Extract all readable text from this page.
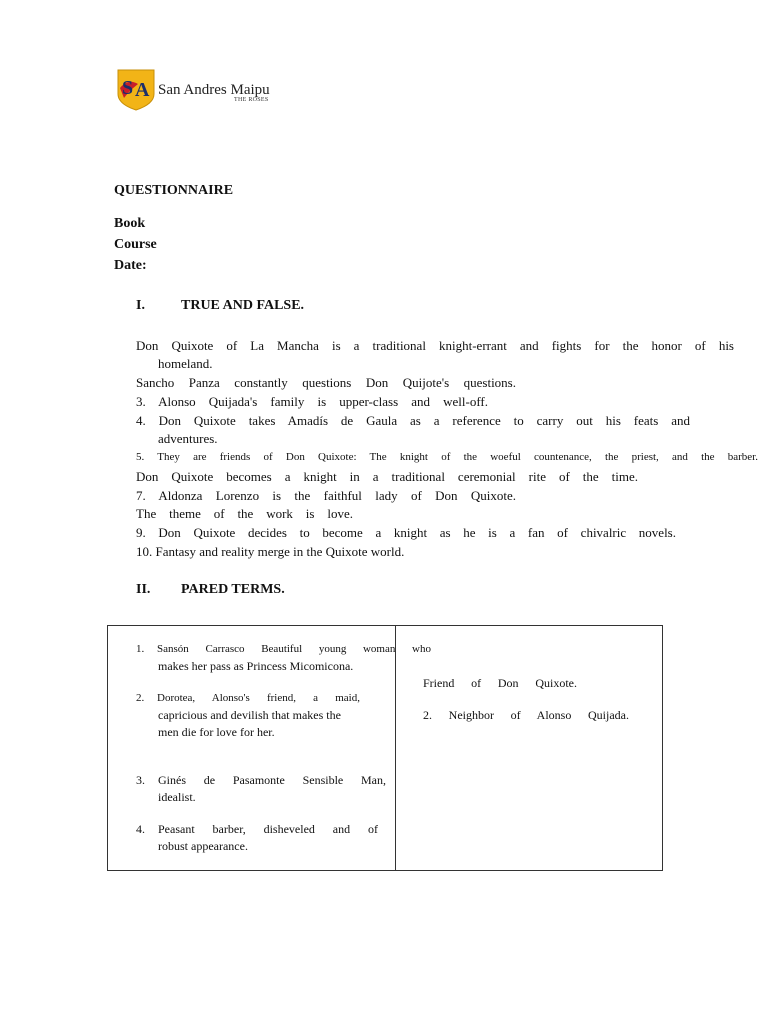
S A San Andres Maipu
THE ROSES
QUESTIONNAIRE
Book
Course
Date:
I.	TRUE AND FALSE.
Don Quixote of La Mancha is a traditional knight-errant and fights for the honor of his
homeland.
Sancho Panza constantly questions Don Quijote's questions.
3. Alonso Quijada's family is upper-class and well-off.
4. Don Quixote takes Amadís de Gaula as a reference to carry out his feats and
adventures.
5. They are friends of Don Quixote: The knight of the woeful countenance, the priest, and the barber.
Don Quixote becomes a knight in a traditional ceremonial rite of the time.
7. Aldonza Lorenzo is the faithful lady of Don Quixote.
The theme of the work is love.
9. Don Quixote decides to become a knight as he is a fan of chivalric novels.
10. Fantasy and reality merge in the Quixote world.
II. PARED TERMS.
1. Sansón Carrasco Beautiful young woman who
makes her pass as Princess Micomicona.
2. Dorotea, Alonso's friend, a maid,
capricious and devilish that makes the
men die for love for her.
3. Ginés de Pasamonte Sensible Man,
idealist.
4. Peasant barber, disheveled and of
robust appearance.
Friend of Don Quixote.
2. Neighbor of Alonso Quijada.
